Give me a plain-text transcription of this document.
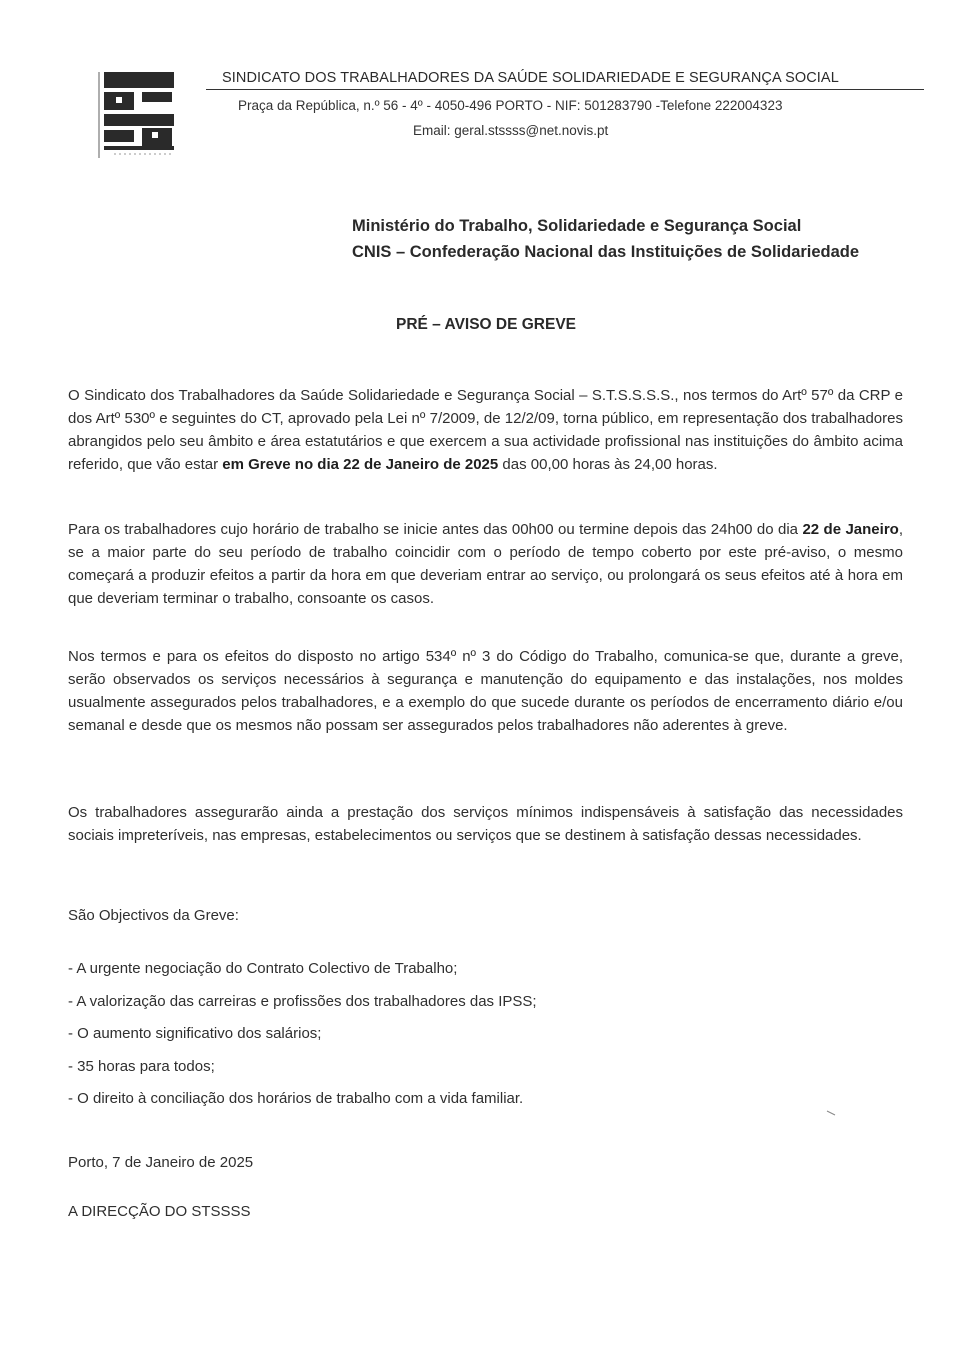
SINDICATO DOS TRABALHADORES DA SAÚDE SOLIDARIEDADE E SEGURANÇA SOCIAL
Praça da República, n.º 56 - 4º - 4050-496 PORTO - NIF: 501283790 -Telefone 222004323
Email: geral.stssss@net.novis.pt
Ministério do Trabalho, Solidariedade e Segurança Social
CNIS – Confederação Nacional das Instituições de Solidariedade
PRÉ – AVISO DE GREVE
O Sindicato dos Trabalhadores da Saúde Solidariedade e Segurança Social – S.T.S.S.S.S., nos termos do Artº 57º da CRP e dos Artº 530º e seguintes do CT, aprovado pela Lei nº 7/2009, de 12/2/09, torna público, em representação dos trabalhadores abrangidos pelo seu âmbito e área estatutários e que exercem a sua actividade profissional nas instituições do âmbito acima referido, que vão estar em Greve no dia 22 de Janeiro de 2025 das 00,00 horas às 24,00 horas.
Para os trabalhadores cujo horário de trabalho se inicie antes das 00h00 ou termine depois das 24h00 do dia 22 de Janeiro, se a maior parte do seu período de trabalho coincidir com o período de tempo coberto por este pré-aviso, o mesmo começará a produzir efeitos a partir da hora em que deveriam entrar ao serviço, ou prolongará os seus efeitos até à hora em que deveriam terminar o trabalho, consoante os casos.
Nos termos e para os efeitos do disposto no artigo 534º nº 3 do Código do Trabalho, comunica-se que, durante a greve, serão observados os serviços necessários à segurança e manutenção do equipamento e das instalações, nos moldes usualmente assegurados pelos trabalhadores, e a exemplo do que sucede durante os períodos de encerramento diário e/ou semanal e desde que os mesmos não possam ser assegurados pelos trabalhadores não aderentes à greve.
Os trabalhadores assegurarão ainda a prestação dos serviços mínimos indispensáveis à satisfação das necessidades sociais impreteríveis, nas empresas, estabelecimentos ou serviços que se destinem à satisfação dessas necessidades.
São Objectivos da Greve:
- A urgente negociação do Contrato Colectivo de Trabalho;
- A valorização das carreiras e profissões dos trabalhadores das IPSS;
- O aumento significativo dos salários;
- 35 horas para todos;
- O direito à conciliação dos horários de trabalho com a vida familiar.
Porto, 7 de Janeiro de 2025
A DIRECÇÃO DO STSSSS
